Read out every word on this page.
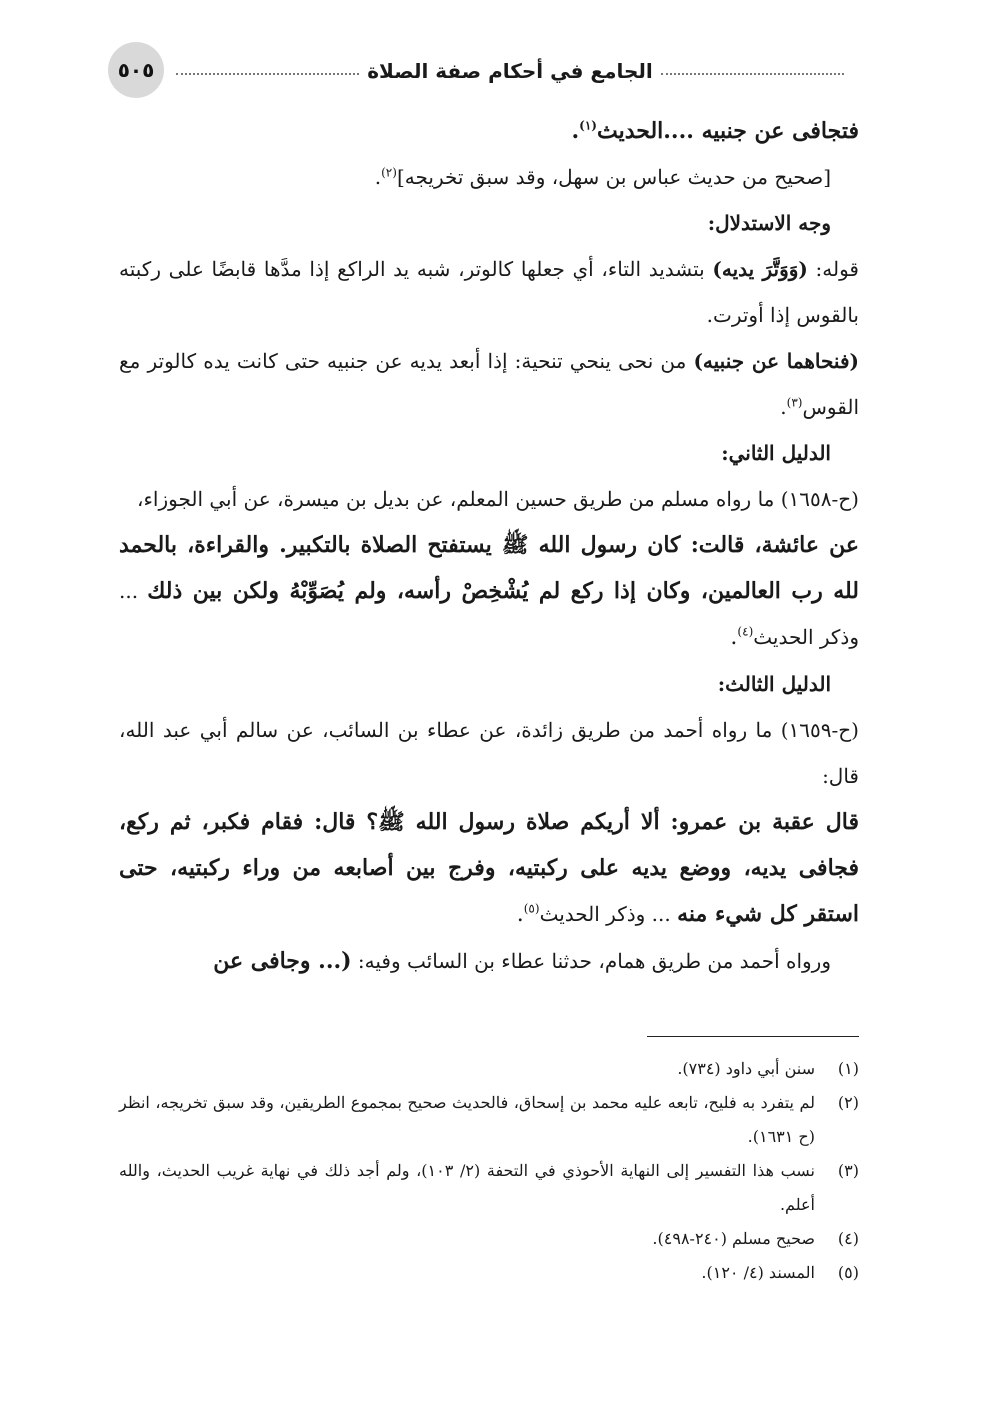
٥٠٥	الجامع في أحكام صفة الصلاة

فتجافى عن جنبيه ....الحديث$^{(١)}$.

[صحيح من حديث عباس بن سهل، وقد سبق تخريجه]$^{(٢)}$.

وجه الاستدلال:

قوله: (وَوَتَّرَ يديه) بتشديد التاء، أي جعلها كالوتر، شبه يد الراكع إذا مدَّها قابضًا على ركبته بالقوس إذا أوترت.

(فنحاهما عن جنبيه) من نحى ينحي تنحية: إذا أبعد يديه عن جنبيه حتى كانت يده كالوتر مع القوس$^{(٣)}$.

الدليل الثاني:

(ح-١٦٥٨) ما رواه مسلم من طريق حسين المعلم، عن بديل بن ميسرة، عن أبي الجوزاء،

عن عائشة، قالت: كان رسول الله ﷺ يستفتح الصلاة بالتكبير. والقراءة، بالحمد لله رب العالمين، وكان إذا ركع لم يُشْخِصْ رأسه، ولم يُصَوِّبْهُ ولكن بين ذلك ... وذكر الحديث$^{(٤)}$.

الدليل الثالث:

(ح-١٦٥٩) ما رواه أحمد من طريق زائدة، عن عطاء بن السائب، عن سالم أبي عبد الله، قال:

قال عقبة بن عمرو: ألا أريكم صلاة رسول الله ﷺ؟ قال: فقام فكبر، ثم ركع، فجافى يديه، ووضع يديه على ركبتيه، وفرج بين أصابعه من وراء ركبتيه، حتى استقر كل شيء منه ... وذكر الحديث$^{(٥)}$.

ورواه أحمد من طريق همام، حدثنا عطاء بن السائب وفيه: (... وجافى عن

(١)
سنن أبي داود (٧٣٤).
(٢)
لم يتفرد به فليح، تابعه عليه محمد بن إسحاق، فالحديث صحيح بمجموع الطريقين، وقد سبق تخريجه، انظر (ح ١٦٣١).
(٣)
نسب هذا التفسير إلى النهاية الأحوذي في التحفة (٢/ ١٠٣)، ولم أجد ذلك في نهاية غريب الحديث، والله أعلم.
(٤)
صحيح مسلم (٢٤٠-٤٩٨).
(٥)
المسند (٤/ ١٢٠).
